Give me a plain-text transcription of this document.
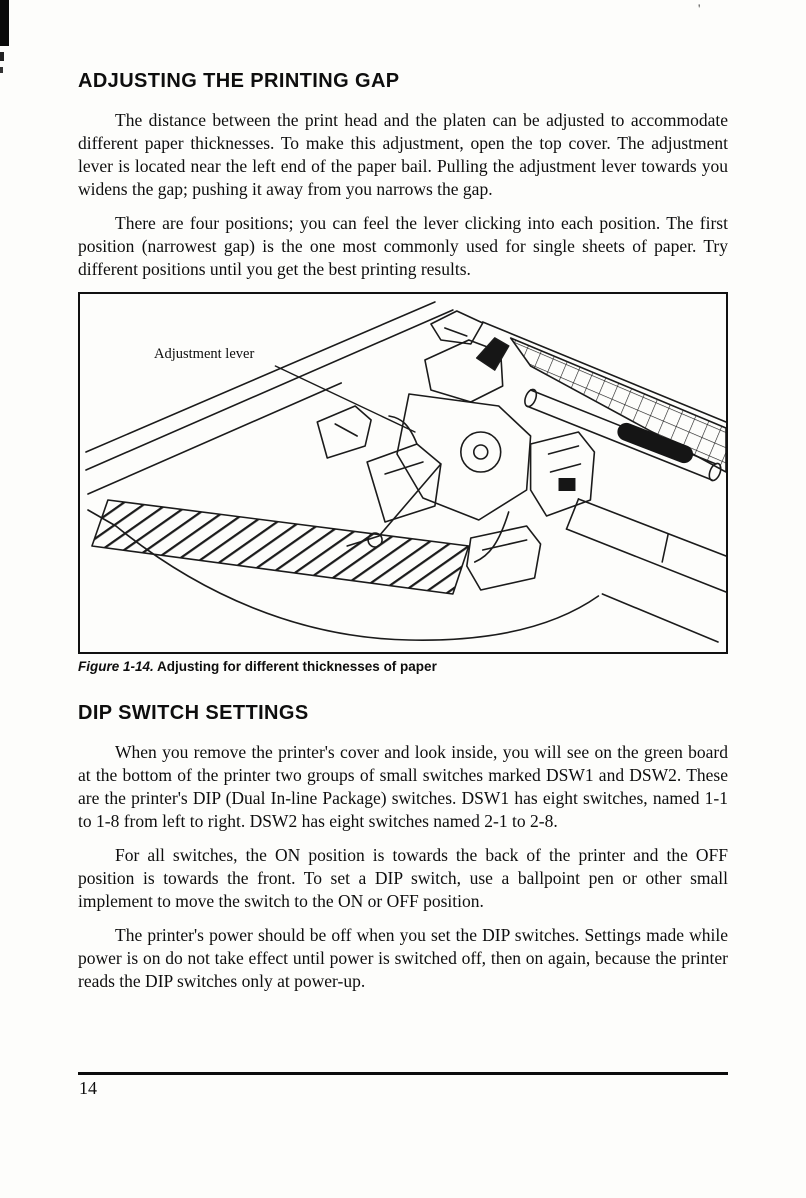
'
ADJUSTING THE PRINTING GAP

The distance between the print head and the platen can be adjusted to accommodate different paper thicknesses. To make this adjustment, open the top cover. The adjustment lever is located near the left end of the paper bail. Pulling the adjustment lever towards you widens the gap; pushing it away from you narrows the gap.

There are four positions; you can feel the lever clicking into each position. The first position (narrowest gap) is the one most commonly used for single sheets of paper. Try different positions until you get the best printing results.

Adjustment lever

Figure 1-14. Adjusting for different thicknesses of paper

DIP SWITCH SETTINGS

When you remove the printer's cover and look inside, you will see on the green board at the bottom of the printer two groups of small switches marked DSW1 and DSW2. These are the printer's DIP (Dual In-line Package) switches. DSW1 has eight switches, named 1-1 to 1-8 from left to right. DSW2 has eight switches named 2-1 to 2-8.

For all switches, the ON position is towards the back of the printer and the OFF position is towards the front. To set a DIP switch, use a ballpoint pen or other small implement to move the switch to the ON or OFF position.

The printer's power should be off when you set the DIP switches. Settings made while power is on do not take effect until power is switched off, then on again, because the printer reads the DIP switches only at power-up.

14
